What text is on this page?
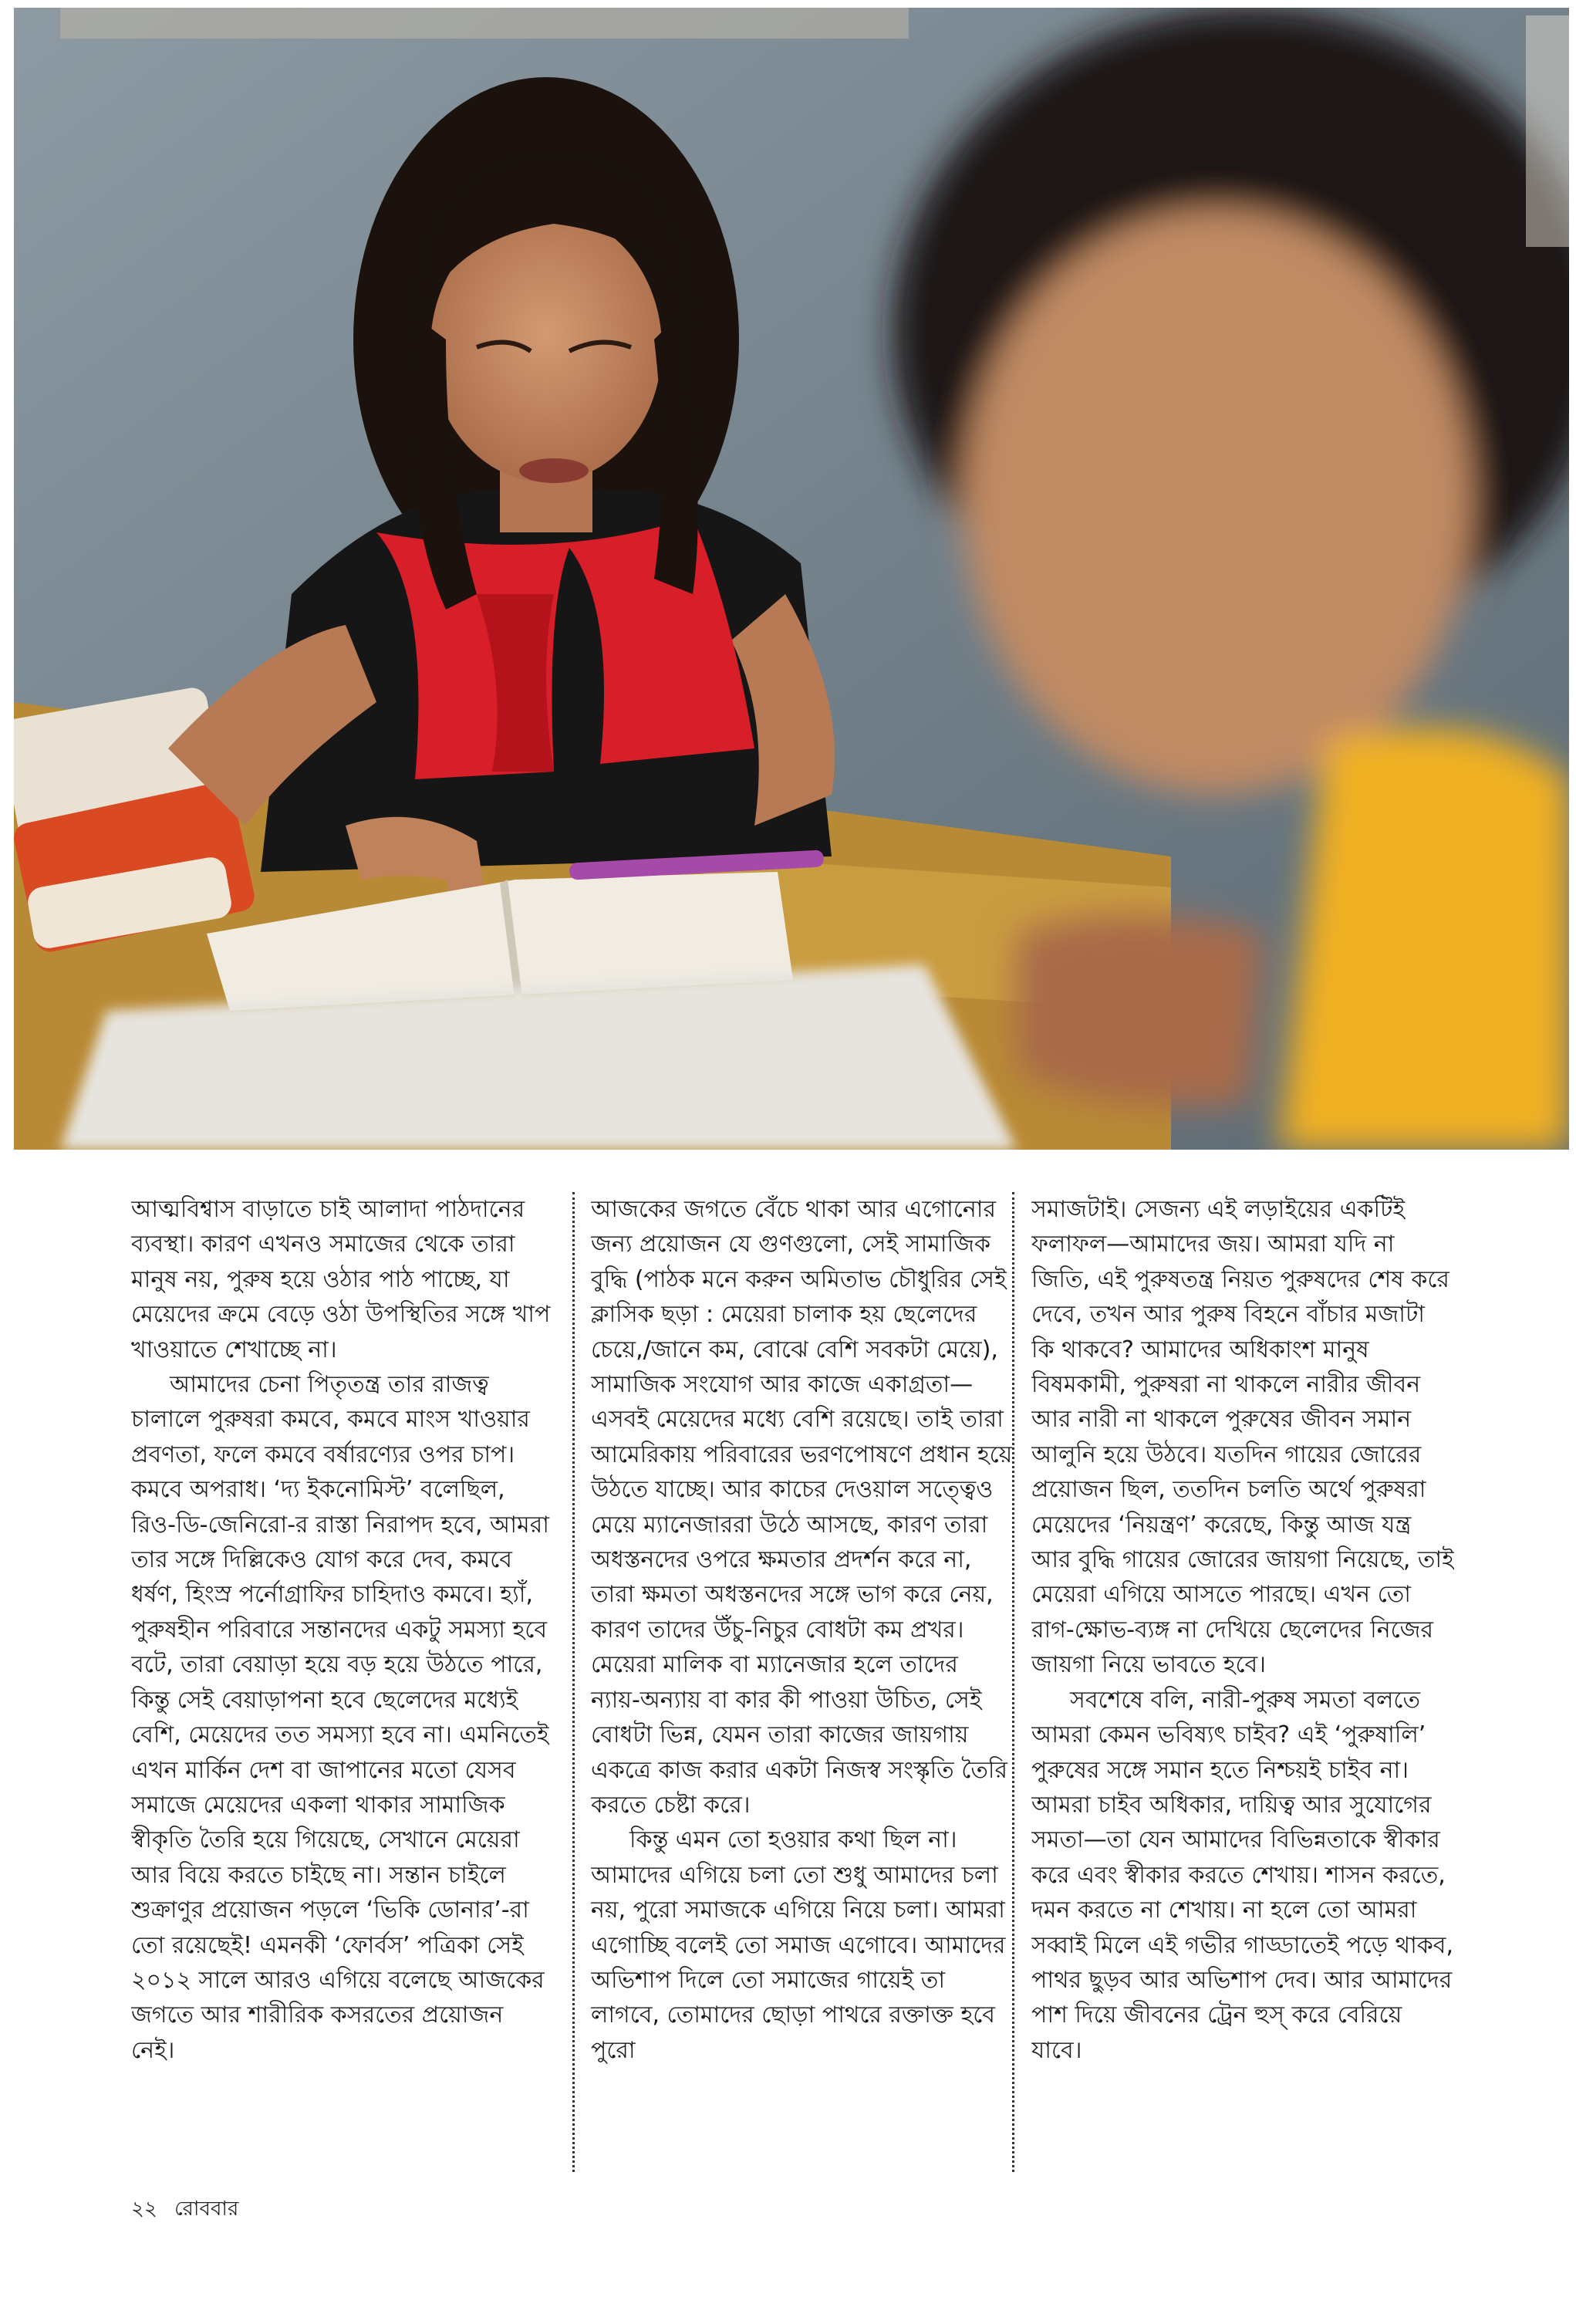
আত্মবিশ্বাস বাড়াতে চাই আলাদা পাঠদানের ব্যবস্থা। কারণ এখনও সমাজের থেকে তারা মানুষ নয়, পুরুষ হয়ে ওঠার পাঠ পাচ্ছে, যা মেয়েদের ক্রমে বেড়ে ওঠা উপস্থিতির সঙ্গে খাপ খাওয়াতে শেখাচ্ছে না।

আমাদের চেনা পিতৃতন্ত্র তার রাজত্ব চালালে পুরুষরা কমবে, কমবে মাংস খাওয়ার প্রবণতা, ফলে কমবে বর্ষারণ্যের ওপর চাপ। কমবে অপরাধ। ‘দ্য ইকনোমিস্ট’ বলেছিল, রিও-ডি-জেনিরো-র রাস্তা নিরাপদ হবে, আমরা তার সঙ্গে দিল্লিকেও যোগ করে দেব, কমবে ধর্ষণ, হিংস্র পর্নোগ্রাফির চাহিদাও কমবে। হ্যাঁ, পুরুষহীন পরিবারে সন্তানদের একটু সমস্যা হবে বটে, তারা বেয়াড়া হয়ে বড় হয়ে উঠতে পারে, কিন্তু সেই বেয়াড়াপনা হবে ছেলেদের মধ্যেই বেশি, মেয়েদের তত সমস্যা হবে না। এমনিতেই এখন মার্কিন দেশ বা জাপানের মতো যেসব সমাজে মেয়েদের একলা থাকার সামাজিক স্বীকৃতি তৈরি হয়ে গিয়েছে, সেখানে মেয়েরা আর বিয়ে করতে চাইছে না। সন্তান চাইলে শুক্রাণুর প্রয়োজন পড়লে ‘ভিকি ডোনার’-রা তো রয়েছেই! এমনকী ‘ফোর্বস’ পত্রিকা সেই ২০১২ সালে আরও এগিয়ে বলেছে আজকের জগতে আর শারীরিক কসরতের প্রয়োজন নেই।

আজকের জগতে বেঁচে থাকা আর এগোনোর জন্য প্রয়োজন যে গুণগুলো, সেই সামাজিক বুদ্ধি (পাঠক মনে করুন অমিতাভ চৌধুরির সেই ক্লাসিক ছড়া : মেয়েরা চালাক হয় ছেলেদের চেয়ে,/জানে কম, বোঝে বেশি সবকটা মেয়ে), সামাজিক সংযোগ আর কাজে একাগ্রতা—এসবই মেয়েদের মধ্যে বেশি রয়েছে। তাই তারা আমেরিকায় পরিবারের ভরণপোষণে প্রধান হয়ে উঠতে যাচ্ছে। আর কাচের দেওয়াল সত্ত্বেও মেয়ে ম্যানেজাররা উঠে আসছে, কারণ তারা অধস্তনদের ওপরে ক্ষমতার প্রদর্শন করে না, তারা ক্ষমতা অধস্তনদের সঙ্গে ভাগ করে নেয়, কারণ তাদের উঁচু-নিচুর বোধটা কম প্রখর। মেয়েরা মালিক বা ম্যানেজার হলে তাদের ন্যায়-অন্যায় বা কার কী পাওয়া উচিত, সেই বোধটা ভিন্ন, যেমন তারা কাজের জায়গায় একত্রে কাজ করার একটা নিজস্ব সংস্কৃতি তৈরি করতে চেষ্টা করে।

কিন্তু এমন তো হওয়ার কথা ছিল না। আমাদের এগিয়ে চলা তো শুধু আমাদের চলা নয়, পুরো সমাজকে এগিয়ে নিয়ে চলা। আমরা এগোচ্ছি বলেই তো সমাজ এগোবে। আমাদের অভিশাপ দিলে তো সমাজের গায়েই তা লাগবে, তোমাদের ছোড়া পাথরে রক্তাক্ত হবে পুরো

সমাজটাই। সেজন্য এই লড়াইয়ের একটিই ফলাফল—আমাদের জয়। আমরা যদি না জিতি, এই পুরুষতন্ত্র নিয়ত পুরুষদের শেষ করে দেবে, তখন আর পুরুষ বিহনে বাঁচার মজাটা কি থাকবে? আমাদের অধিকাংশ মানুষ বিষমকামী, পুরুষরা না থাকলে নারীর জীবন আর নারী না থাকলে পুরুষের জীবন সমান আলুনি হয়ে উঠবে। যতদিন গায়ের জোরের প্রয়োজন ছিল, ততদিন চলতি অর্থে পুরুষরা মেয়েদের ‘নিয়ন্ত্রণ’ করেছে, কিন্তু আজ যন্ত্র আর বুদ্ধি গায়ের জোরের জায়গা নিয়েছে, তাই মেয়েরা এগিয়ে আসতে পারছে। এখন তো রাগ-ক্ষোভ-ব্যঙ্গ না দেখিয়ে ছেলেদের নিজের জায়গা নিয়ে ভাবতে হবে।

সবশেষে বলি, নারী-পুরুষ সমতা বলতে আমরা কেমন ভবিষ্যৎ চাইব? এই ‘পুরুষালি’ পুরুষের সঙ্গে সমান হতে নিশ্চয়ই চাইব না। আমরা চাইব অধিকার, দায়িত্ব আর সুযোগের সমতা—তা যেন আমাদের বিভিন্নতাকে স্বীকার করে এবং স্বীকার করতে শেখায়। শাসন করতে, দমন করতে না শেখায়। না হলে তো আমরা সব্বাই মিলে এই গভীর গাড্ডাতেই পড়ে থাকব, পাথর ছুড়ব আর অভিশাপ দেব। আর আমাদের পাশ দিয়ে জীবনের ট্রেন হুস্ করে বেরিয়ে যাবে।

২২ রোববার
